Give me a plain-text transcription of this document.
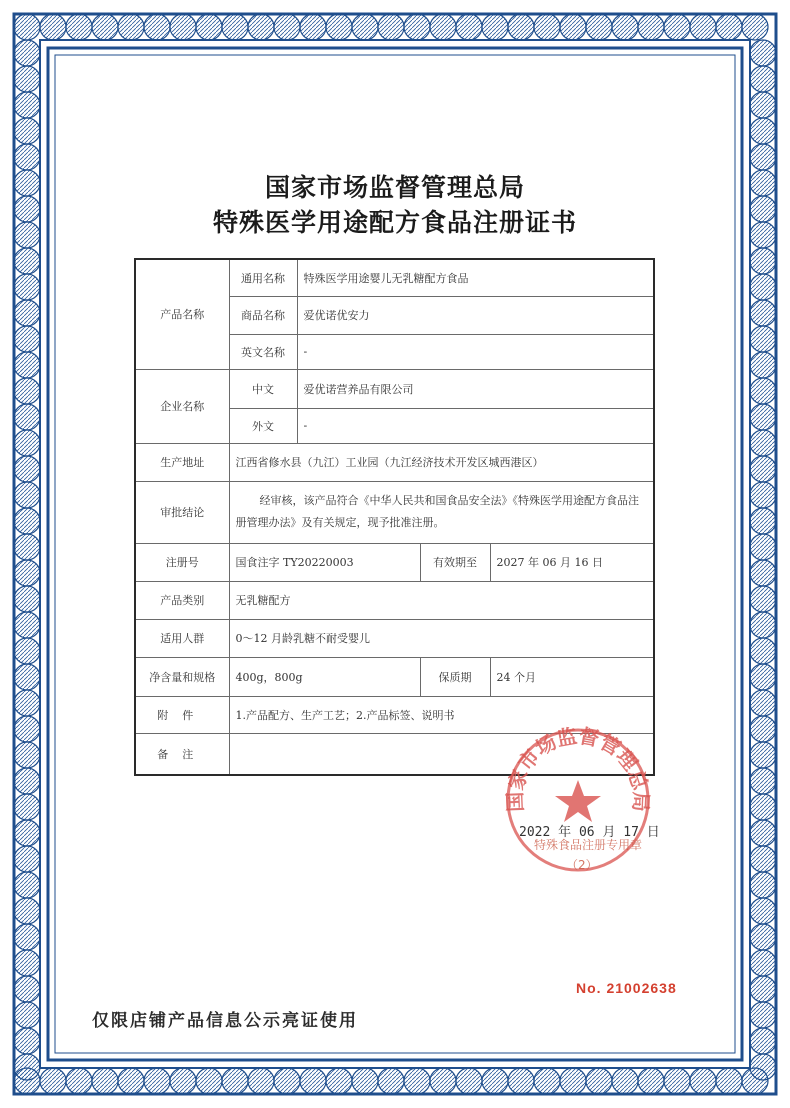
国家市场监督管理总局
特殊医学用途配方食品注册证书
产品名称	通用名称	特殊医学用途婴儿无乳糖配方食品		
	商品名称	爱优诺优安力		
	英文名称	-		
企业名称	中文	爱优诺营养品有限公司		
	外文	-		
生产地址	江西省修水县（九江）工业园（九江经济技术开发区城西港区）			
审批结论	经审核，该产品符合《中华人民共和国食品安全法》《特殊医学用途配方食品注册管理办法》及有关规定，现予批准注册。			
注册号	国食注字 TY20220003		有效期至	2027 年 06 月 16 日
产品类别	无乳糖配方			
适用人群	0～12 月龄乳糖不耐受婴儿			
净含量和规格	400g，800g		保质期	24 个月
附件	1.产品配方、生产工艺；2.产品标签、说明书			
备注				
国家市场监督管理总局
2022 年 06 月 17 日
特殊食品注册专用章
（2）
No. 21002638
仅限店铺产品信息公示亮证使用
